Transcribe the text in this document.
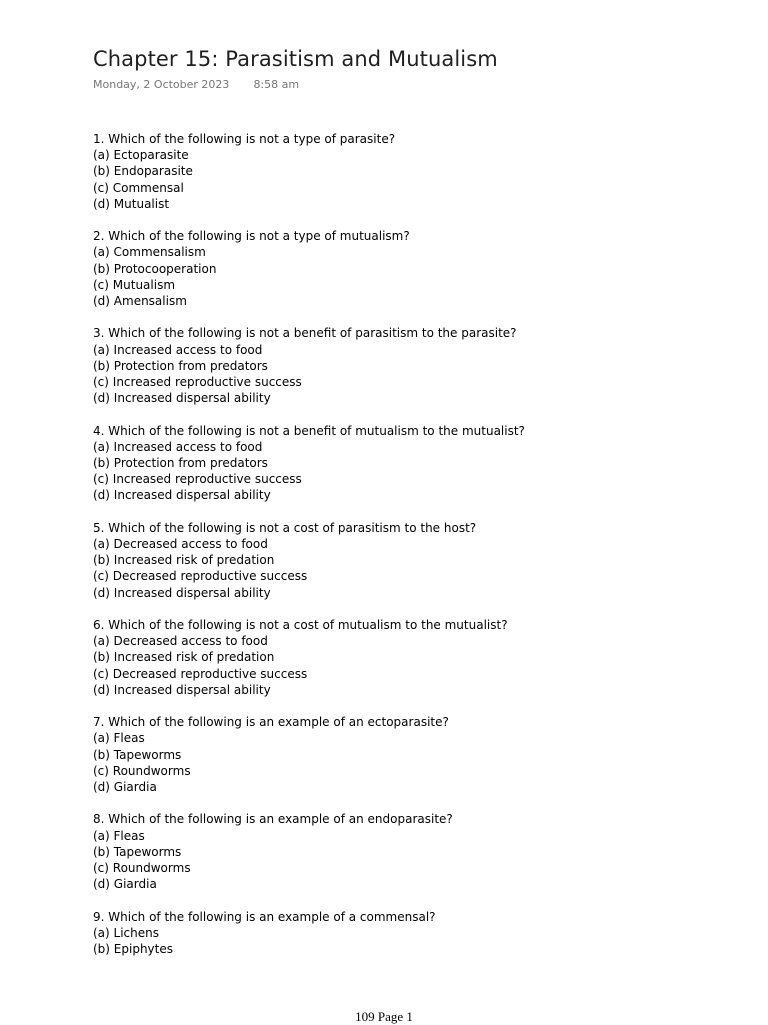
Chapter 15: Parasitism and Mutualism
Monday, 2 October 2023 8:58 am
1. Which of the following is not a type of parasite?
(a) Ectoparasite
(b) Endoparasite
(c) Commensal
(d) Mutualist
2. Which of the following is not a type of mutualism?
(a) Commensalism
(b) Protocooperation
(c) Mutualism
(d) Amensalism
3. Which of the following is not a benefit of parasitism to the parasite?
(a) Increased access to food
(b) Protection from predators
(c) Increased reproductive success
(d) Increased dispersal ability
4. Which of the following is not a benefit of mutualism to the mutualist?
(a) Increased access to food
(b) Protection from predators
(c) Increased reproductive success
(d) Increased dispersal ability
5. Which of the following is not a cost of parasitism to the host?
(a) Decreased access to food
(b) Increased risk of predation
(c) Decreased reproductive success
(d) Increased dispersal ability
6. Which of the following is not a cost of mutualism to the mutualist?
(a) Decreased access to food
(b) Increased risk of predation
(c) Decreased reproductive success
(d) Increased dispersal ability
7. Which of the following is an example of an ectoparasite?
(a) Fleas
(b) Tapeworms
(c) Roundworms
(d) Giardia
8. Which of the following is an example of an endoparasite?
(a) Fleas
(b) Tapeworms
(c) Roundworms
(d) Giardia
9. Which of the following is an example of a commensal?
(a) Lichens
(b) Epiphytes
109 Page 1
